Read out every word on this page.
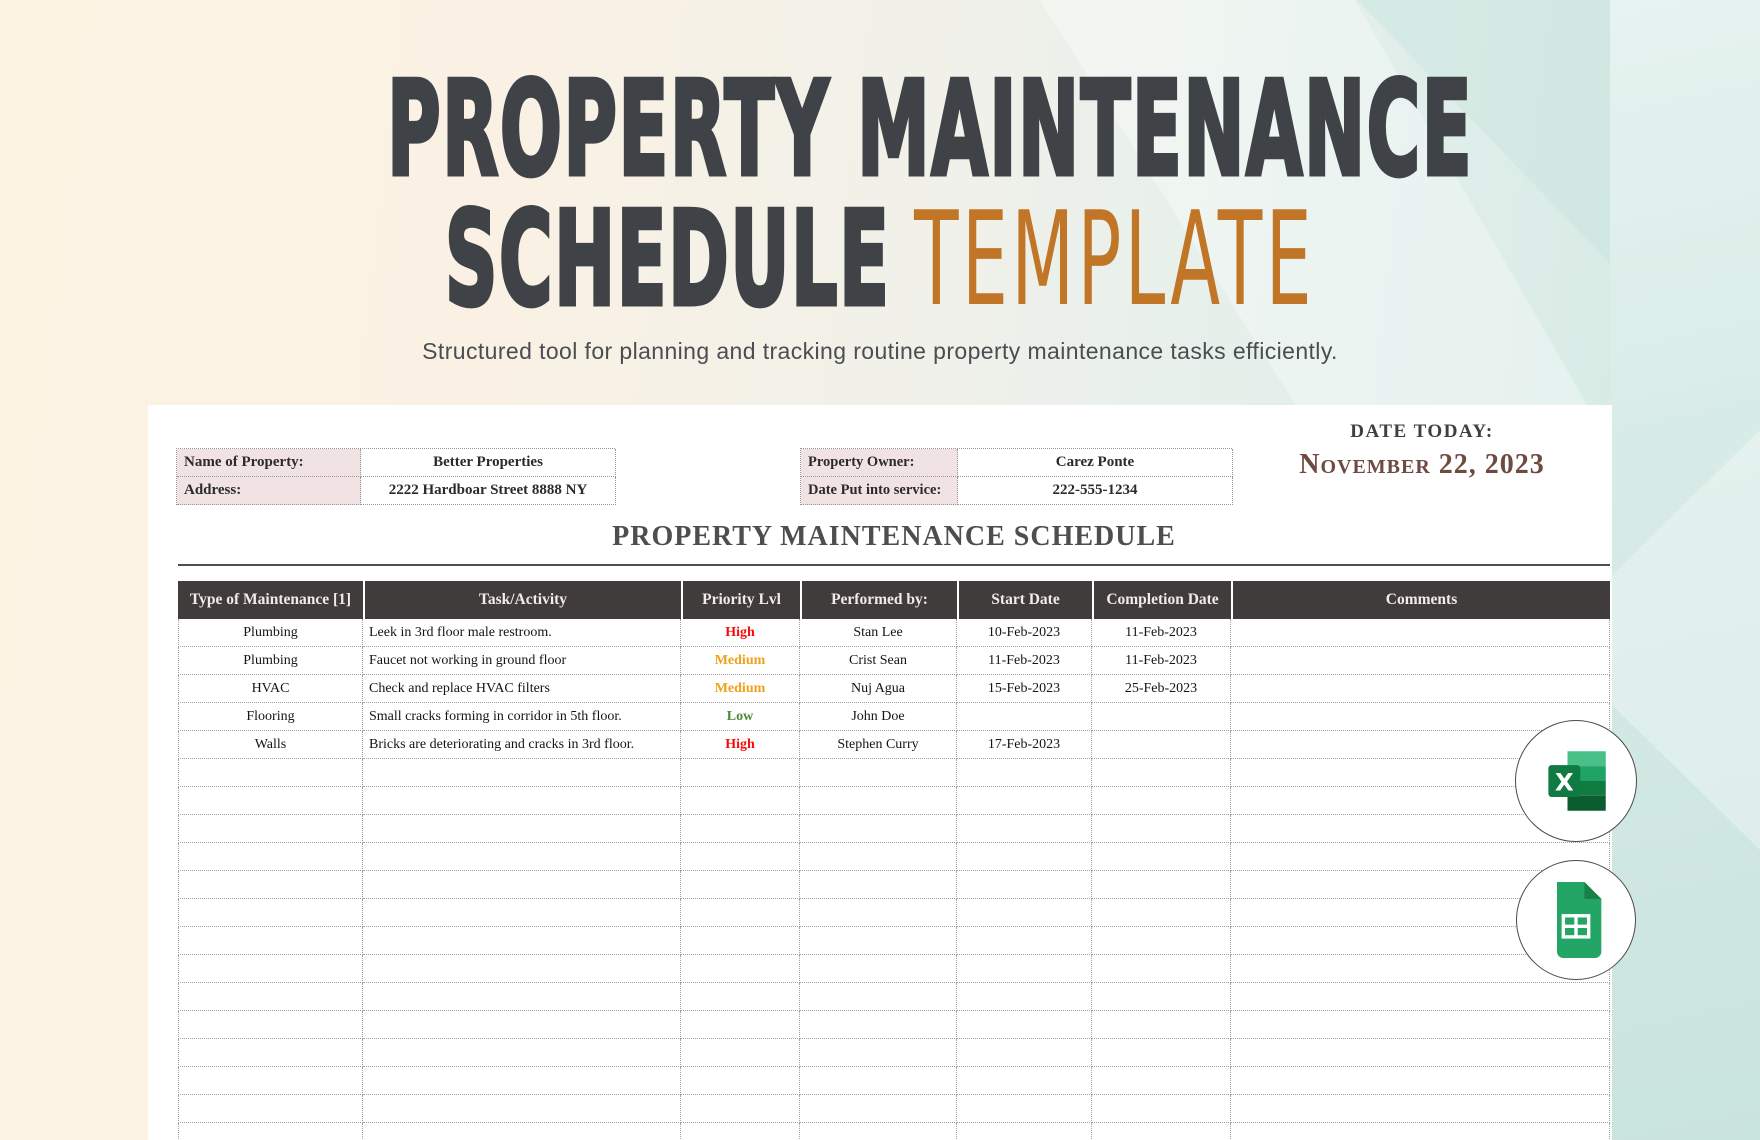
PROPERTY MAINTENANCE
SCHEDULE TEMPLATE
Structured tool for planning and tracking routine property maintenance tasks efficiently.
Name of Property:	Better Properties
Address:	2222 Hardboar Street 8888 NY
Property Owner:	Carez Ponte
Date Put into service:	222-555-1234
DATE TODAY:
November 22, 2023
PROPERTY MAINTENANCE SCHEDULE
Type of Maintenance [1]	Task/Activity	Priority Lvl	Performed by:	Start Date	Completion Date	Comments
Plumbing	Leek in 3rd floor male restroom.	High	Stan Lee	10-Feb-2023	11-Feb-2023
Plumbing	Faucet not working in ground floor	Medium	Crist Sean	11-Feb-2023	11-Feb-2023
HVAC	Check and replace HVAC filters	Medium	Nuj Agua	15-Feb-2023	25-Feb-2023
Flooring	Small cracks forming in corridor in 5th floor.	Low	John Doe
Walls	Bricks are deteriorating and cracks in 3rd floor.	High	Stephen Curry	17-Feb-2023
X
